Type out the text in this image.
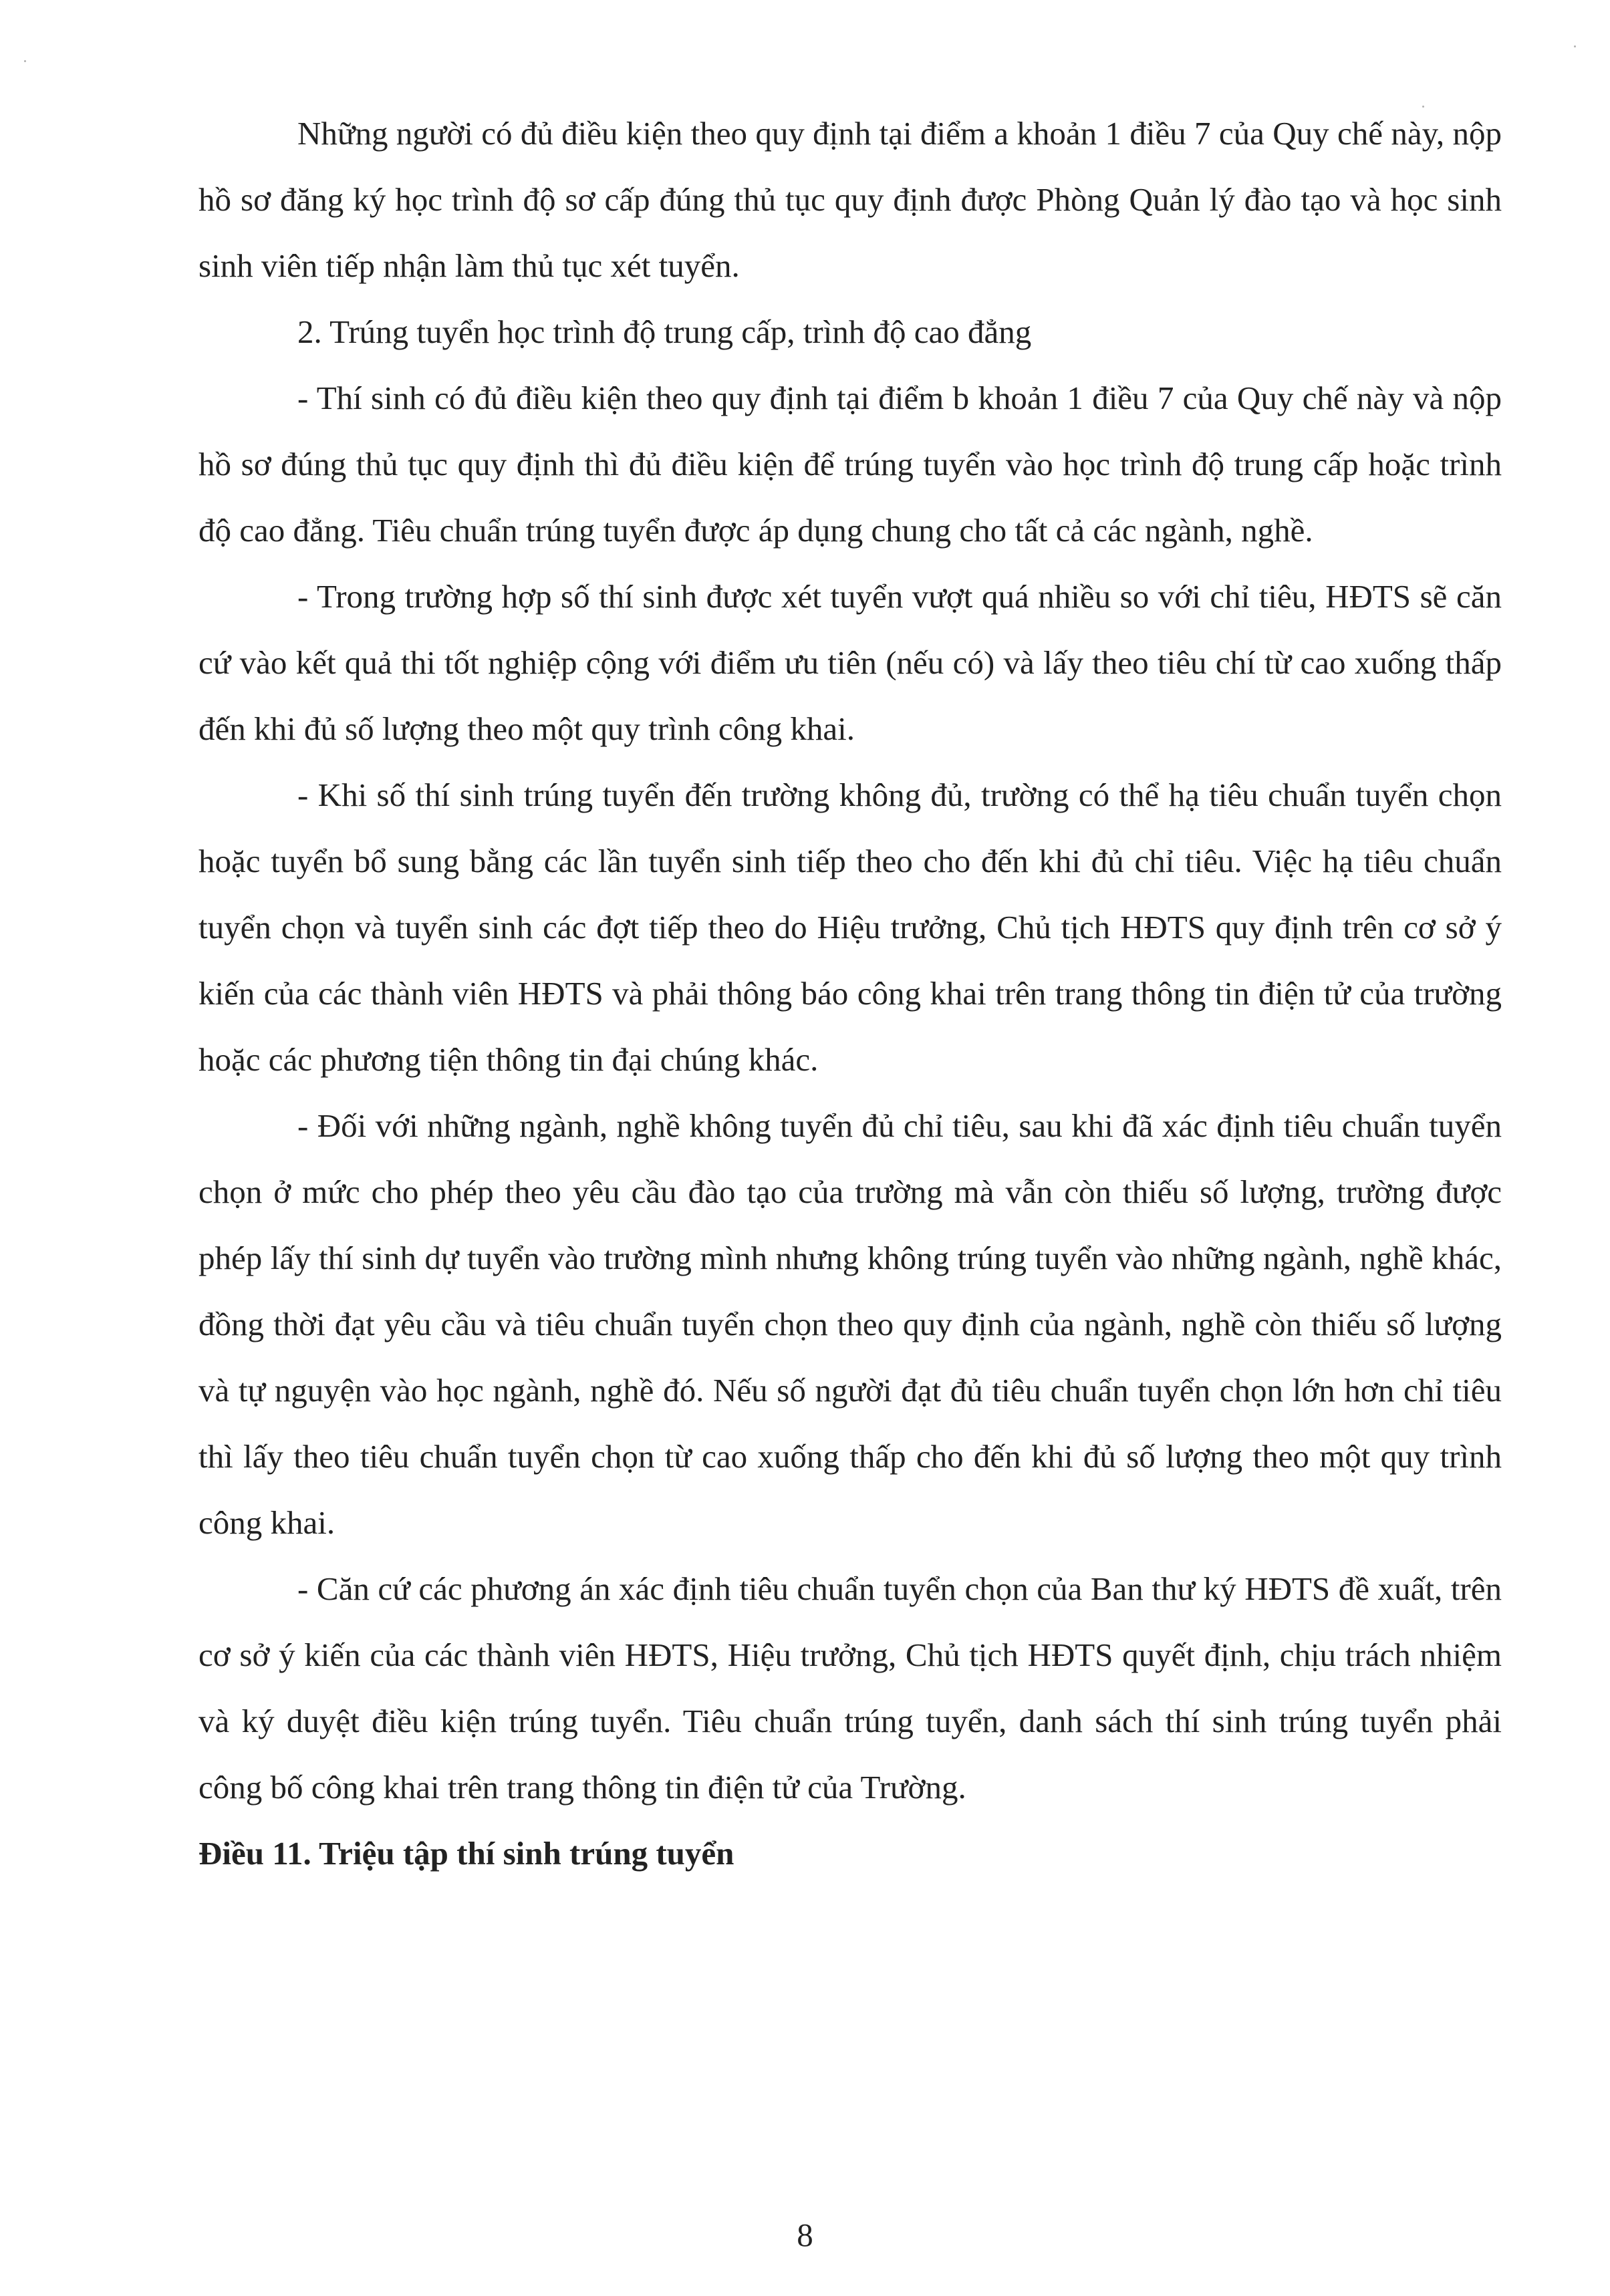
Những người có đủ điều kiện theo quy định tại điểm a khoản 1 điều 7 của Quy chế này, nộp hồ sơ đăng ký học trình độ sơ cấp đúng thủ tục quy định được Phòng Quản lý đào tạo và học sinh sinh viên tiếp nhận làm thủ tục xét tuyển.

2. Trúng tuyển học trình độ trung cấp, trình độ cao đẳng

- Thí sinh có đủ điều kiện theo quy định tại điểm b khoản 1 điều 7 của Quy chế này và nộp hồ sơ đúng thủ tục quy định thì đủ điều kiện để trúng tuyển vào học trình độ trung cấp hoặc trình độ cao đẳng. Tiêu chuẩn trúng tuyển được áp dụng chung cho tất cả các ngành, nghề.

- Trong trường hợp số thí sinh được xét tuyển vượt quá nhiều so với chỉ tiêu, HĐTS sẽ căn cứ vào kết quả thi tốt nghiệp cộng với điểm ưu tiên (nếu có) và lấy theo tiêu chí từ cao xuống thấp đến khi đủ số lượng theo một quy trình công khai.

- Khi số thí sinh trúng tuyển đến trường không đủ, trường có thể hạ tiêu chuẩn tuyển chọn hoặc tuyển bổ sung bằng các lần tuyển sinh tiếp theo cho đến khi đủ chỉ tiêu. Việc hạ tiêu chuẩn tuyển chọn và tuyển sinh các đợt tiếp theo do Hiệu trưởng, Chủ tịch HĐTS quy định trên cơ sở ý kiến của các thành viên HĐTS và phải thông báo công khai trên trang thông tin điện tử của trường hoặc các phương tiện thông tin đại chúng khác.

- Đối với những ngành, nghề không tuyển đủ chỉ tiêu, sau khi đã xác định tiêu chuẩn tuyển chọn ở mức cho phép theo yêu cầu đào tạo của trường mà vẫn còn thiếu số lượng, trường được phép lấy thí sinh dự tuyển vào trường mình nhưng không trúng tuyển vào những ngành, nghề khác, đồng thời đạt yêu cầu và tiêu chuẩn tuyển chọn theo quy định của ngành, nghề còn thiếu số lượng và tự nguyện vào học ngành, nghề đó. Nếu số người đạt đủ tiêu chuẩn tuyển chọn lớn hơn chỉ tiêu thì lấy theo tiêu chuẩn tuyển chọn từ cao xuống thấp cho đến khi đủ số lượng theo một quy trình công khai.

- Căn cứ các phương án xác định tiêu chuẩn tuyển chọn của Ban thư ký HĐTS đề xuất, trên cơ sở ý kiến của các thành viên HĐTS, Hiệu trưởng, Chủ tịch HĐTS quyết định, chịu trách nhiệm và ký duyệt điều kiện trúng tuyển. Tiêu chuẩn trúng tuyển, danh sách thí sinh trúng tuyển phải công bố công khai trên trang thông tin điện tử của Trường.

Điều 11. Triệu tập thí sinh trúng tuyển

8
